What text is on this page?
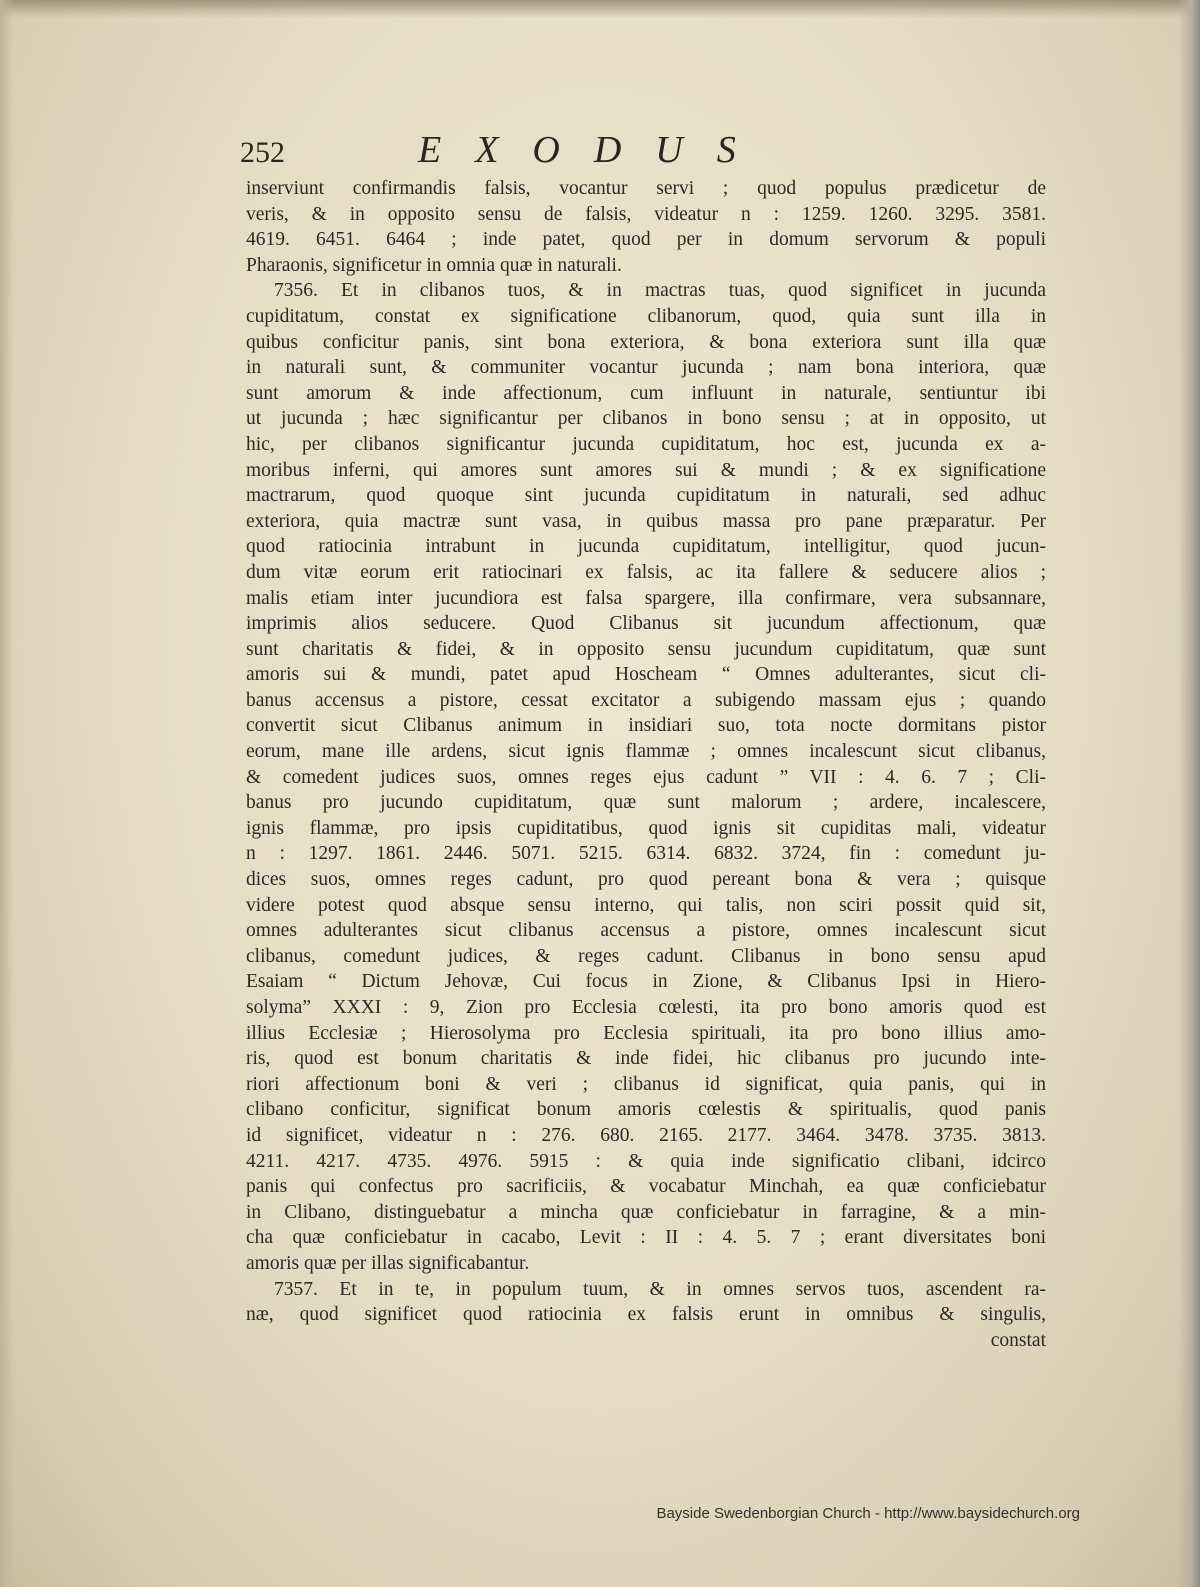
252	EXODUS

inserviunt confirmandis falsis, vocantur servi ; quod populus prædicetur de

veris, & in opposito sensu de falsis, videatur n : 1259. 1260. 3295. 3581.

4619. 6451. 6464 ; inde patet, quod per in domum servorum & populi

Pharaonis, significetur in omnia quæ in naturali.

7356. Et in clibanos tuos, & in mactras tuas, quod significet in jucunda

cupiditatum, constat ex significatione clibanorum, quod, quia sunt illa in

quibus conficitur panis, sint bona exteriora, & bona exteriora sunt illa quæ

in naturali sunt, & communiter vocantur jucunda ; nam bona interiora, quæ

sunt amorum & inde affectionum, cum influunt in naturale, sentiuntur ibi

ut jucunda ; hæc significantur per clibanos in bono sensu ; at in opposito, ut

hic, per clibanos significantur jucunda cupiditatum, hoc est, jucunda ex a-

moribus inferni, qui amores sunt amores sui & mundi ; & ex significatione

mactrarum, quod quoque sint jucunda cupiditatum in naturali, sed adhuc

exteriora, quia mactræ sunt vasa, in quibus massa pro pane præparatur. Per

quod ratiocinia intrabunt in jucunda cupiditatum, intelligitur, quod jucun-

dum vitæ eorum erit ratiocinari ex falsis, ac ita fallere & seducere alios ;

malis etiam inter jucundiora est falsa spargere, illa confirmare, vera subsannare,

imprimis alios seducere. Quod Clibanus sit jucundum affectionum, quæ

sunt charitatis & fidei, & in opposito sensu jucundum cupiditatum, quæ sunt

amoris sui & mundi, patet apud Hoscheam “ Omnes adulterantes, sicut cli-

banus accensus a pistore, cessat excitator a subigendo massam ejus ; quando

convertit sicut Clibanus animum in insidiari suo, tota nocte dormitans pistor

eorum, mane ille ardens, sicut ignis flammæ ; omnes incalescunt sicut clibanus,

& comedent judices suos, omnes reges ejus cadunt ” VII : 4. 6. 7 ; Cli-

banus pro jucundo cupiditatum, quæ sunt malorum ; ardere, incalescere,

ignis flammæ, pro ipsis cupiditatibus, quod ignis sit cupiditas mali, videatur

n : 1297. 1861. 2446. 5071. 5215. 6314. 6832. 3724, fin : comedunt ju-

dices suos, omnes reges cadunt, pro quod pereant bona & vera ; quisque

videre potest quod absque sensu interno, qui talis, non sciri possit quid sit,

omnes adulterantes sicut clibanus accensus a pistore, omnes incalescunt sicut

clibanus, comedunt judices, & reges cadunt. Clibanus in bono sensu apud

Esaiam “ Dictum Jehovæ, Cui focus in Zione, & Clibanus Ipsi in Hiero-

solyma” XXXI : 9, Zion pro Ecclesia cœlesti, ita pro bono amoris quod est

illius Ecclesiæ ; Hierosolyma pro Ecclesia spirituali, ita pro bono illius amo-

ris, quod est bonum charitatis & inde fidei, hic clibanus pro jucundo inte-

riori affectionum boni & veri ; clibanus id significat, quia panis, qui in

clibano conficitur, significat bonum amoris cœlestis & spiritualis, quod panis

id significet, videatur n : 276. 680. 2165. 2177. 3464. 3478. 3735. 3813.

4211. 4217. 4735. 4976. 5915 : & quia inde significatio clibani, idcirco

panis qui confectus pro sacrificiis, & vocabatur Minchah, ea quæ conficiebatur

in Clibano, distinguebatur a mincha quæ conficiebatur in farragine, & a min-

cha quæ conficiebatur in cacabo, Levit : II : 4. 5. 7 ; erant diversitates boni

amoris quæ per illas significabantur.

7357. Et in te, in populum tuum, & in omnes servos tuos, ascendent ra-

næ, quod significet quod ratiocinia ex falsis erunt in omnibus & singulis,

constat

Bayside Swedenborgian Church - http://www.baysidechurch.org
